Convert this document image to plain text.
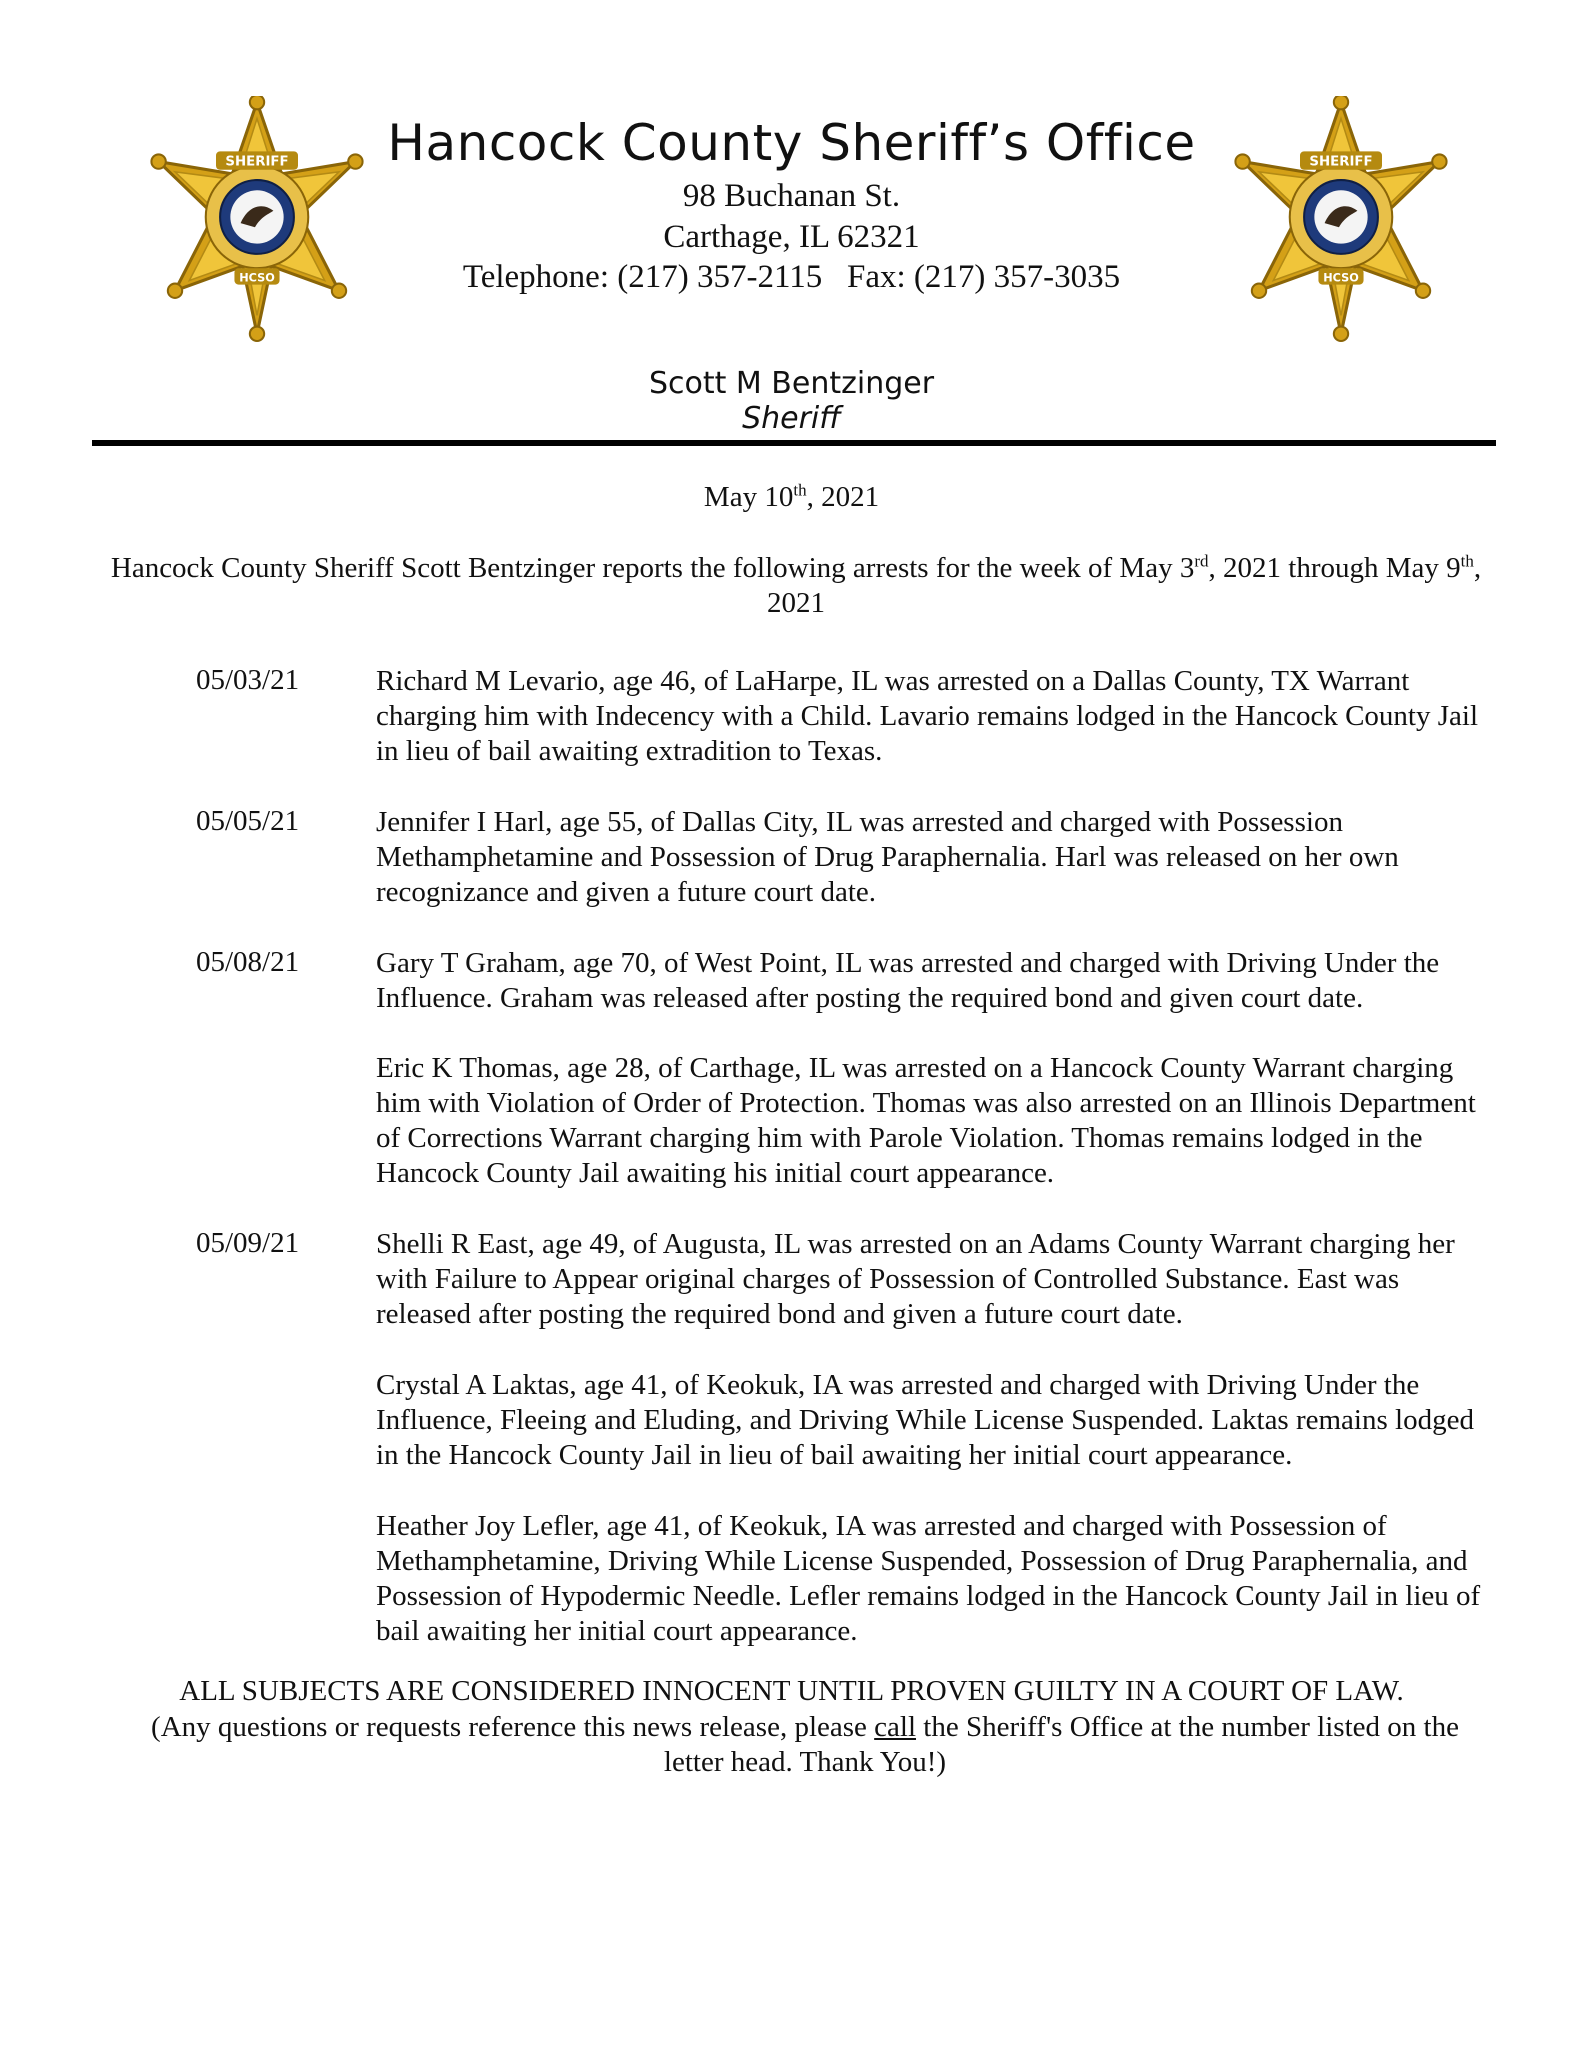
SHERIFF
HCSO
SHERIFF
HCSO
Hancock County Sheriff’s Office
98 Buchanan St.
Carthage, IL 62321
Telephone: (217) 357-2115   Fax: (217) 357-3035
Scott M Bentzinger
Sheriff
May 10th, 2021
Hancock County Sheriff Scott Bentzinger reports the following arrests for the week of May 3rd, 2021 through May 9th, 2021
05/03/21	Richard M Levario, age 46, of LaHarpe, IL was arrested on a Dallas County, TX Warrant charging him with Indecency with a Child. Lavario remains lodged in the Hancock County Jail in lieu of bail awaiting extradition to Texas.
05/05/21	Jennifer I Harl, age 55, of Dallas City, IL was arrested and charged with Possession Methamphetamine and Possession of Drug Paraphernalia. Harl was released on her own recognizance and given a future court date.
05/08/21	Gary T Graham, age 70, of West Point, IL was arrested and charged with Driving Under the Influence. Graham was released after posting the required bond and given court date.
Eric K Thomas, age 28, of Carthage, IL was arrested on a Hancock County Warrant charging him with Violation of Order of Protection. Thomas was also arrested on an Illinois Department of Corrections Warrant charging him with Parole Violation. Thomas remains lodged in the Hancock County Jail awaiting his initial court appearance.
05/09/21	Shelli R East, age 49, of Augusta, IL was arrested on an Adams County Warrant charging her with Failure to Appear original charges of Possession of Controlled Substance. East was released after posting the required bond and given a future court date.
Crystal A Laktas, age 41, of Keokuk, IA was arrested and charged with Driving Under the Influence, Fleeing and Eluding, and Driving While License Suspended. Laktas remains lodged in the Hancock County Jail in lieu of bail awaiting her initial court appearance.
Heather Joy Lefler, age 41, of Keokuk, IA was arrested and charged with Possession of Methamphetamine, Driving While License Suspended, Possession of Drug Paraphernalia, and Possession of Hypodermic Needle. Lefler remains lodged in the Hancock County Jail in lieu of bail awaiting her initial court appearance.
ALL SUBJECTS ARE CONSIDERED INNOCENT UNTIL PROVEN GUILTY IN A COURT OF LAW.
(Any questions or requests reference this news release, please call the Sheriff's Office at the number listed on the letter head. Thank You!)
